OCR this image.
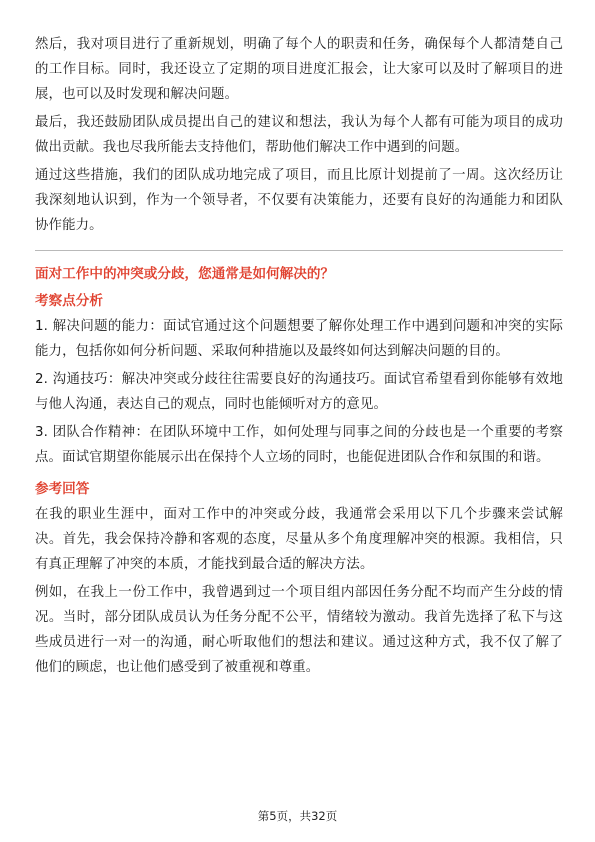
然后，我对项目进行了重新规划，明确了每个人的职责和任务，确保每个人都清楚自己的工作目标。同时，我还设立了定期的项目进度汇报会，让大家可以及时了解项目的进展，也可以及时发现和解决问题。

最后，我还鼓励团队成员提出自己的建议和想法，我认为每个人都有可能为项目的成功做出贡献。我也尽我所能去支持他们，帮助他们解决工作中遇到的问题。

通过这些措施，我们的团队成功地完成了项目，而且比原计划提前了一周。这次经历让我深刻地认识到，作为一个领导者，不仅要有决策能力，还要有良好的沟通能力和团队协作能力。

面对工作中的冲突或分歧，您通常是如何解决的？
考察点分析

1. 解决问题的能力：面试官通过这个问题想要了解你处理工作中遇到问题和冲突的实际能力，包括你如何分析问题、采取何种措施以及最终如何达到解决问题的目的。

2. 沟通技巧：解决冲突或分歧往往需要良好的沟通技巧。面试官希望看到你能够有效地与他人沟通，表达自己的观点，同时也能倾听对方的意见。

3. 团队合作精神：在团队环境中工作，如何处理与同事之间的分歧也是一个重要的考察点。面试官期望你能展示出在保持个人立场的同时，也能促进团队合作和氛围的和谐。

参考回答

在我的职业生涯中，面对工作中的冲突或分歧，我通常会采用以下几个步骤来尝试解决。首先，我会保持冷静和客观的态度，尽量从多个角度理解冲突的根源。我相信，只有真正理解了冲突的本质，才能找到最合适的解决方法。

例如，在我上一份工作中，我曾遇到过一个项目组内部因任务分配不均而产生分歧的情况。当时，部分团队成员认为任务分配不公平，情绪较为激动。我首先选择了私下与这些成员进行一对一的沟通，耐心听取他们的想法和建议。通过这种方式，我不仅了解了他们的顾虑，也让他们感受到了被重视和尊重。

第5页，共32页
